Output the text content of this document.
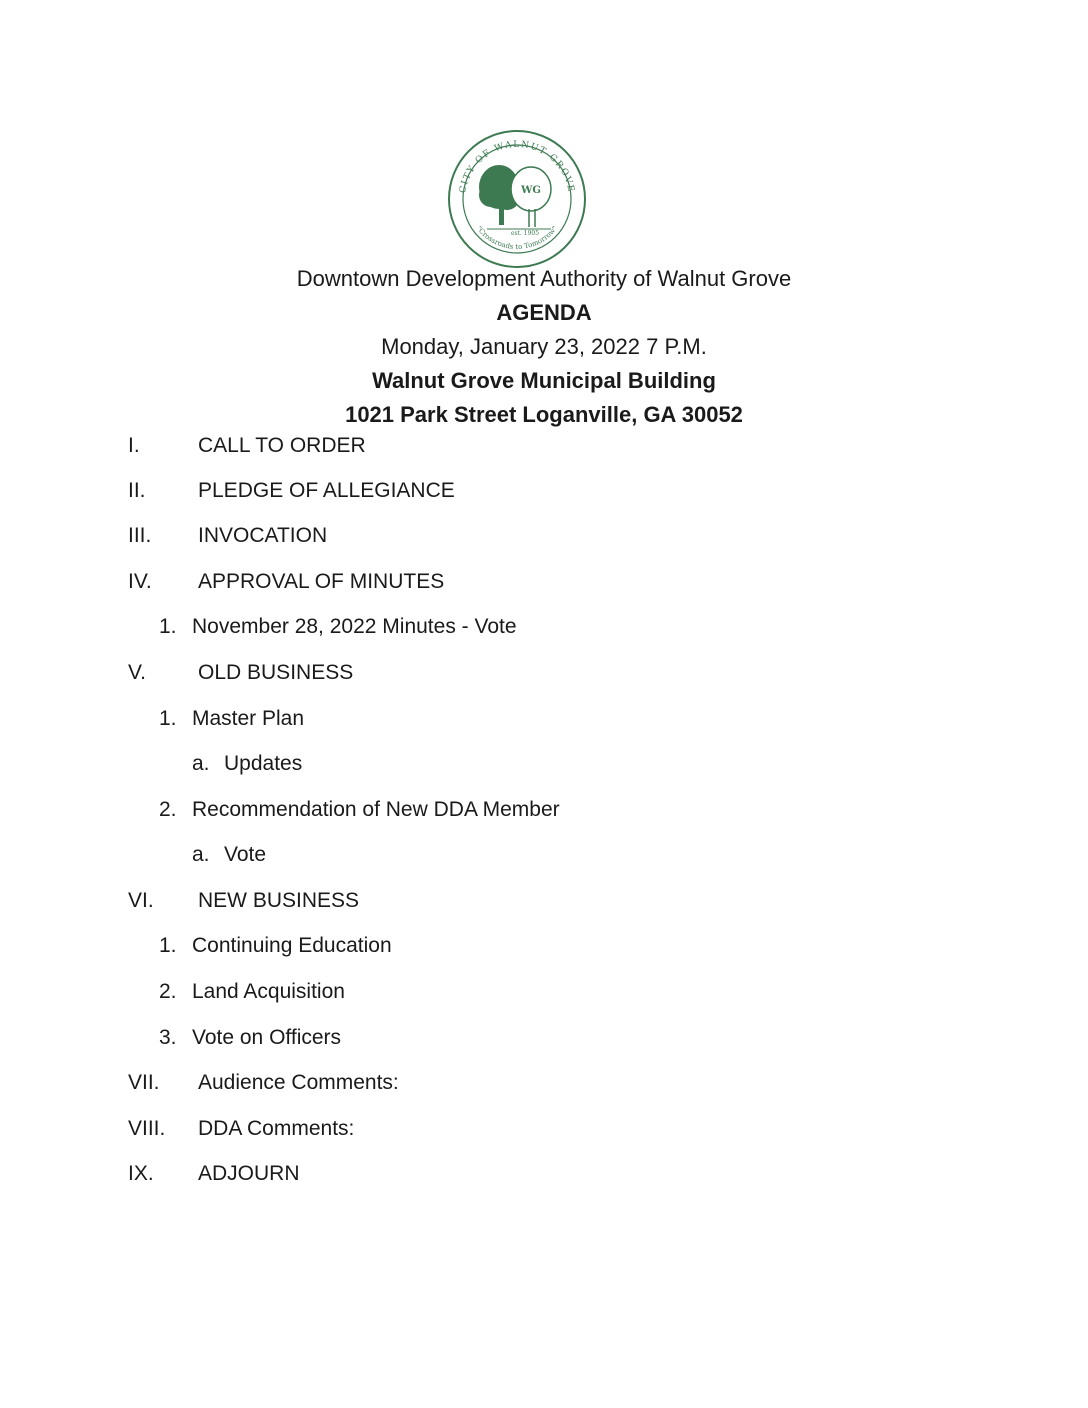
CITY OF WALNUT GROVE
WG
est. 1905
"Crossroads to Tomorrow"
Downtown Development Authority of Walnut Grove
AGENDA
Monday, January 23, 2022 7 P.M.
Walnut Grove Municipal Building
1021 Park Street Loganville, GA 30052
I.	CALL TO ORDER
II. PLEDGE OF ALLEGIANCE
III. INVOCATION
IV. APPROVAL OF MINUTES
1. November 28, 2022 Minutes - Vote
V. OLD BUSINESS
1. Master Plan
a. Updates
2. Recommendation of New DDA Member
a. Vote
VI. NEW BUSINESS
1. Continuing Education
2. Land Acquisition
3. Vote on Officers
VII. Audience Comments:
VIII. DDA Comments:
IX. ADJOURN
